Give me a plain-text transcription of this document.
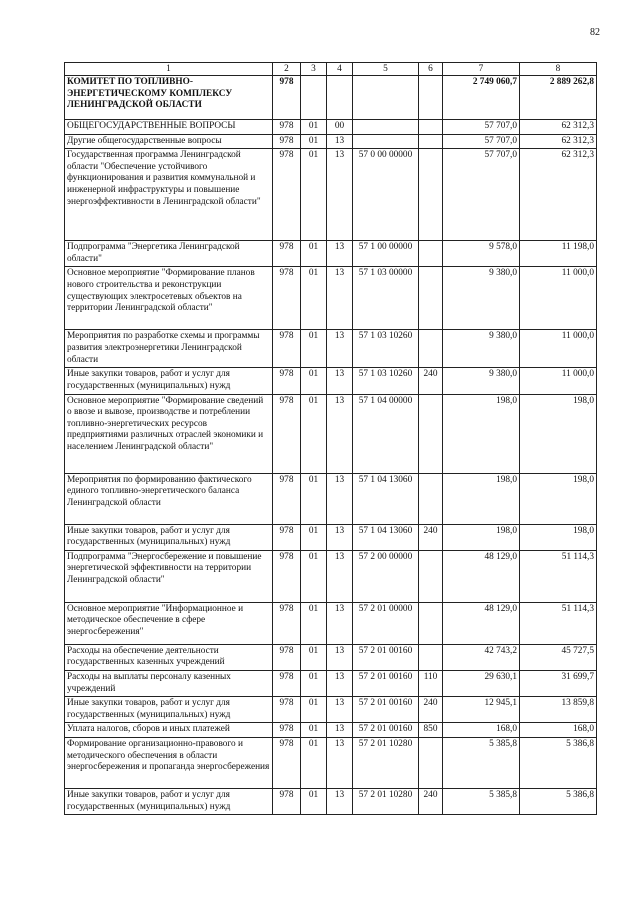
82
1	2	3	4	5	6	7	8
КОМИТЕТ ПО ТОПЛИВНО-ЭНЕРГЕТИЧЕСКОМУ КОМПЛЕКСУ ЛЕНИНГРАДСКОЙ ОБЛАСТИ	978					2 749 060,7	2 889 262,8
ОБЩЕГОСУДАРСТВЕННЫЕ ВОПРОСЫ	978	01	00			57 707,0	62 312,3
Другие общегосударственные вопросы	978	01	13			57 707,0	62 312,3
Государственная программа Ленинградской области "Обеспечение устойчивого функционирования и развития коммунальной и инженерной инфраструктуры и повышение энергоэффективности в Ленинградской области"	978	01	13	57 0 00 00000		57 707,0	62 312,3
Подпрограмма "Энергетика Ленинградской области"	978	01	13	57 1 00 00000		9 578,0	11 198,0
Основное мероприятие "Формирование планов нового строительства и реконструкции существующих электросетевых объектов на территории Ленинградской области"	978	01	13	57 1 03 00000		9 380,0	11 000,0
Мероприятия по разработке схемы и программы развития электроэнергетики Ленинградской области	978	01	13	57 1 03 10260		9 380,0	11 000,0
Иные закупки товаров, работ и услуг для государственных (муниципальных) нужд	978	01	13	57 1 03 10260	240	9 380,0	11 000,0
Основное мероприятие "Формирование сведений о ввозе и вывозе, производстве и потреблении топливно-энергетических ресурсов предприятиями различных отраслей экономики и населением Ленинградской области"	978	01	13	57 1 04 00000		198,0	198,0
Мероприятия по формированию фактического единого топливно-энергетического баланса Ленинградской области	978	01	13	57 1 04 13060		198,0	198,0
Иные закупки товаров, работ и услуг для государственных (муниципальных) нужд	978	01	13	57 1 04 13060	240	198,0	198,0
Подпрограмма "Энергосбережение и повышение энергетической эффективности на территории Ленинградской области"	978	01	13	57 2 00 00000		48 129,0	51 114,3
Основное мероприятие "Информационное и методическое обеспечение в сфере энергосбережения"	978	01	13	57 2 01 00000		48 129,0	51 114,3
Расходы на обеспечение деятельности государственных казенных учреждений	978	01	13	57 2 01 00160		42 743,2	45 727,5
Расходы на выплаты персоналу казенных учреждений	978	01	13	57 2 01 00160	110	29 630,1	31 699,7
Иные закупки товаров, работ и услуг для государственных (муниципальных) нужд	978	01	13	57 2 01 00160	240	12 945,1	13 859,8
Уплата налогов, сборов и иных платежей	978	01	13	57 2 01 00160	850	168,0	168,0
Формирование организационно-правового и методического обеспечения в области энергосбережения и пропаганда энергосбережения	978	01	13	57 2 01 10280		5 385,8	5 386,8
Иные закупки товаров, работ и услуг для государственных (муниципальных) нужд	978	01	13	57 2 01 10280	240	5 385,8	5 386,8
